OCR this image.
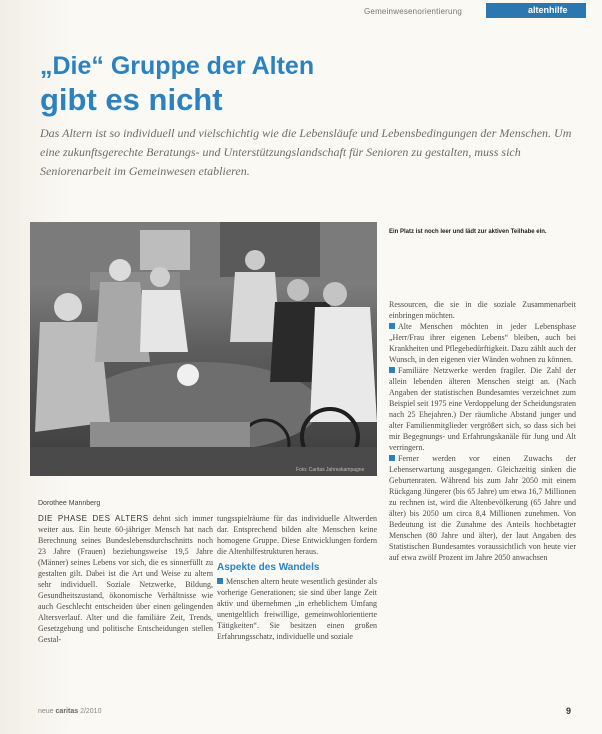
Gemeinwesenorientierung	altenhilfe
„Die“ Gruppe der Alten
gibt es nicht
Das Altern ist so individuell und vielschichtig wie die Lebensläufe und Lebensbedingungen der Menschen. Um eine zukunftsgerechte Beratungs- und Unterstützungslandschaft für Senioren zu gestalten, muss sich Seniorenarbeit im Gemeinwesen etablieren.
Foto: Caritas Jahreskampagne
Ein Platz ist noch leer und lädt zur aktiven Teilhabe ein.

Dorothee Mannberg

DIE PHASE DES ALTERS dehnt sich immer weiter aus. Ein heute 60-jähriger Mensch hat nach Berechnung seines Bundeslebensdurchschnitts noch 23 Jahre (Frauen) beziehungsweise 19,5 Jahre (Männer) seines Lebens vor sich, die es sinnerfüllt zu gestalten gilt. Dabei ist die Art und Weise zu altern sehr individuell. Soziale Netzwerke, Bildung, Gesundheitszustand, ökonomische Verhältnisse wie auch Geschlecht entscheiden über einen gelingenden Altersverlauf. Alter und die familiäre Zeit, Trends, Gesetzgebung und politische Entscheidungen stellen Gestal-

tungsspielräume für das individuelle Altwerden dar. Entsprechend bilden alte Menschen keine homogene Gruppe. Diese Entwicklungen fordern die Altenhilfestrukturen heraus.

Aspekte des Wandels

Menschen altern heute wesentlich gesünder als vorherige Generationen; sie sind über lange Zeit aktiv und übernehmen „in erheblichem Umfang unentgeltlich freiwillige, gemeinwohlorientierte Tätigkeiten“. Sie besitzen einen großen Erfahrungsschatz, individuelle und soziale

Ressourcen, die sie in die soziale Zusammenarbeit einbringen möchten.

Alte Menschen möchten in jeder Lebensphase „Herr/Frau ihrer eigenen Lebens“ bleiben, auch bei Krankheiten und Pflegebedürftigkeit. Dazu zählt auch der Wunsch, in den eigenen vier Wänden wohnen zu können.

Familiäre Netzwerke werden fragiler. Die Zahl der allein lebenden älteren Menschen steigt an. (Nach Angaben der statistischen Bundesamtes verzeichnet zum Beispiel seit 1975 eine Verdoppelung der Scheidungsraten nach 25 Ehejahren.) Der räumliche Abstand junger und alter Familienmitglieder vergrößert sich, so dass sich bei mir Begegnungs- und Erfahrungskanäle für Jung und Alt verringern.

Ferner werden vor einen Zuwachs der Lebenserwartung ausgegangen. Gleichzeitig sinken die Geburtenraten. Während bis zum Jahr 2050 mit einem Rückgang Jüngerer (bis 65 Jahre) um etwa 16,7 Millionen zu rechnen ist, wird die Altenbevölkerung (65 Jahre und älter) bis 2050 um circa 8,4 Millionen zunehmen. Von Bedeutung ist die Zunahme des Anteils hochbetagter Menschen (80 Jahre und älter), der laut Angaben des Statistischen Bundesamtes voraussichtlich von heute vier auf etwa zwölf Prozent im Jahre 2050 anwachsen

neue caritas 2/2010	9
